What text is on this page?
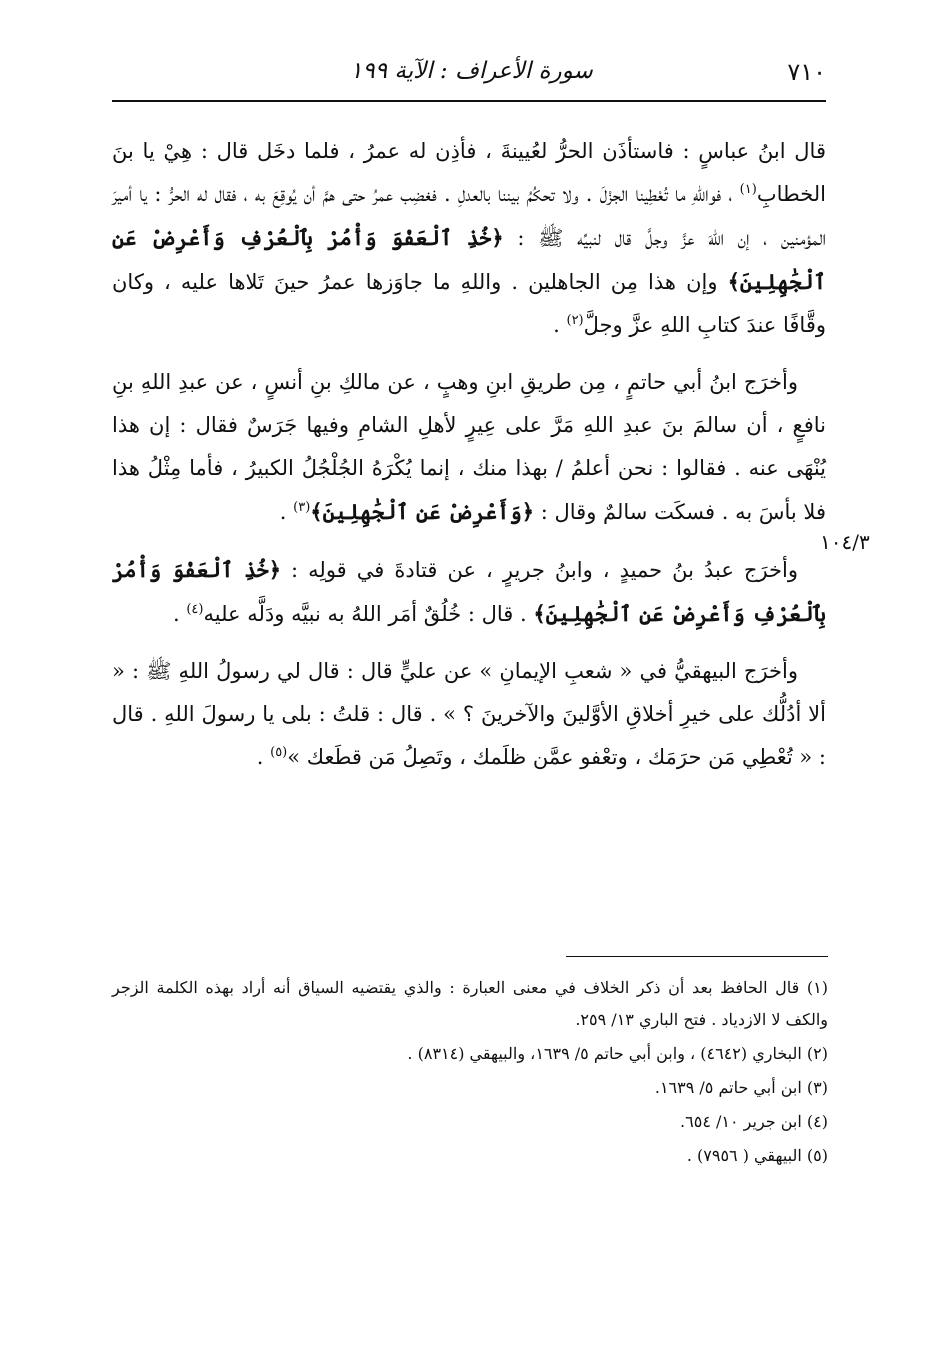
٧١٠
سورة الأعراف : الآية ١٩٩

قال ابنُ عباسٍ : فاستأذَن الحرُّ لعُيينةَ ، فأذِن له عمرُ ، فلما دخَل قال : هِيْ يا بنَ الخطابِ$^{(١)}$ ، فواللهِ ما تُعْطِينا الجزْلَ . ولا تحكُمُ بيننا بالعدلِ . فغضِب عمرُ حتى همَّ أن يُوقِعَ به ، فقال له الحرُّ : يا أميرَ المؤمنين ، إن اللهَ عزَّ وجلَّ قال لنبيِّه ﷺ : ﴿خُذِ ٱلْعَفْوَ وَأْمُرْ بِٱلْعُرْفِ وَأَعْرِضْ عَنِ ٱلْجَٰهِلِينَ﴾ وإن هذا مِن الجاهلين . واللهِ ما جاوَزها عمرُ حينَ تَلاها عليه ، وكان وقَّافًا عندَ كتابِ اللهِ عزَّ وجلَّ$^{(٢)}$ .

وأخرَج ابنُ أبي حاتمٍ ، مِن طريقِ ابنِ وهبٍ ، عن مالكِ بنِ أنسٍ ، عن عبدِ اللهِ بنِ نافعٍ ، أن سالمَ بنَ عبدِ اللهِ مَرَّ على عِيرٍ لأهلِ الشامِ وفيها جَرَسٌ فقال : إن هذا يُنْهَى عنه . فقالوا : نحن أعلمُ / بهذا منك ، إنما يُكْرَهُ الجُلْجُلُ الكبيرُ ، فأما مِثْلُ هذا فلا بأسَ به . فسكَت سالمٌ وقال : ﴿وَأَعْرِضْ عَنِ ٱلْجَٰهِلِينَ﴾$^{(٣)}$ .

وأخرَج عبدُ بنُ حميدٍ ، وابنُ جريرٍ ، عن قتادةَ في قولِه : ﴿خُذِ ٱلْعَفْوَ وَأْمُرْ بِٱلْعُرْفِ وَأَعْرِضْ عَنِ ٱلْجَٰهِلِينَ﴾ . قال : خُلُقٌ أمَر اللهُ به نبيَّه ودَلَّه عليه$^{(٤)}$ .

وأخرَج البيهقيُّ في « شعبِ الإيمانِ » عن عليٍّ قال : قال لي رسولُ اللهِ ﷺ : « ألا أدُلُّك على خيرِ أخلاقِ الأوَّلينَ والآخرينَ ؟ » . قال : قلتُ : بلى يا رسولَ اللهِ . قال : « تُعْطِي مَن حرَمَك ، وتعْفو عمَّن ظلَمك ، وتَصِلُ مَن قطَعك »$^{(٥)}$ .

١٠٤/٣

(١) قال الحافظ بعد أن ذكر الخلاف في معنى العبارة : والذي يقتضيه السياق أنه أراد بهذه الكلمة الزجر والكف لا الازدياد . فتح الباري ١٣/ ٢٥٩.

(٢) البخاري (٤٦٤٢) ، وابن أبي حاتم ٥/ ١٦٣٩، والبيهقي (٨٣١٤) .

(٣) ابن أبي حاتم ٥/ ١٦٣٩.

(٤) ابن جرير ١٠/ ٦٥٤.

(٥) البيهقي ( ٧٩٥٦) .
